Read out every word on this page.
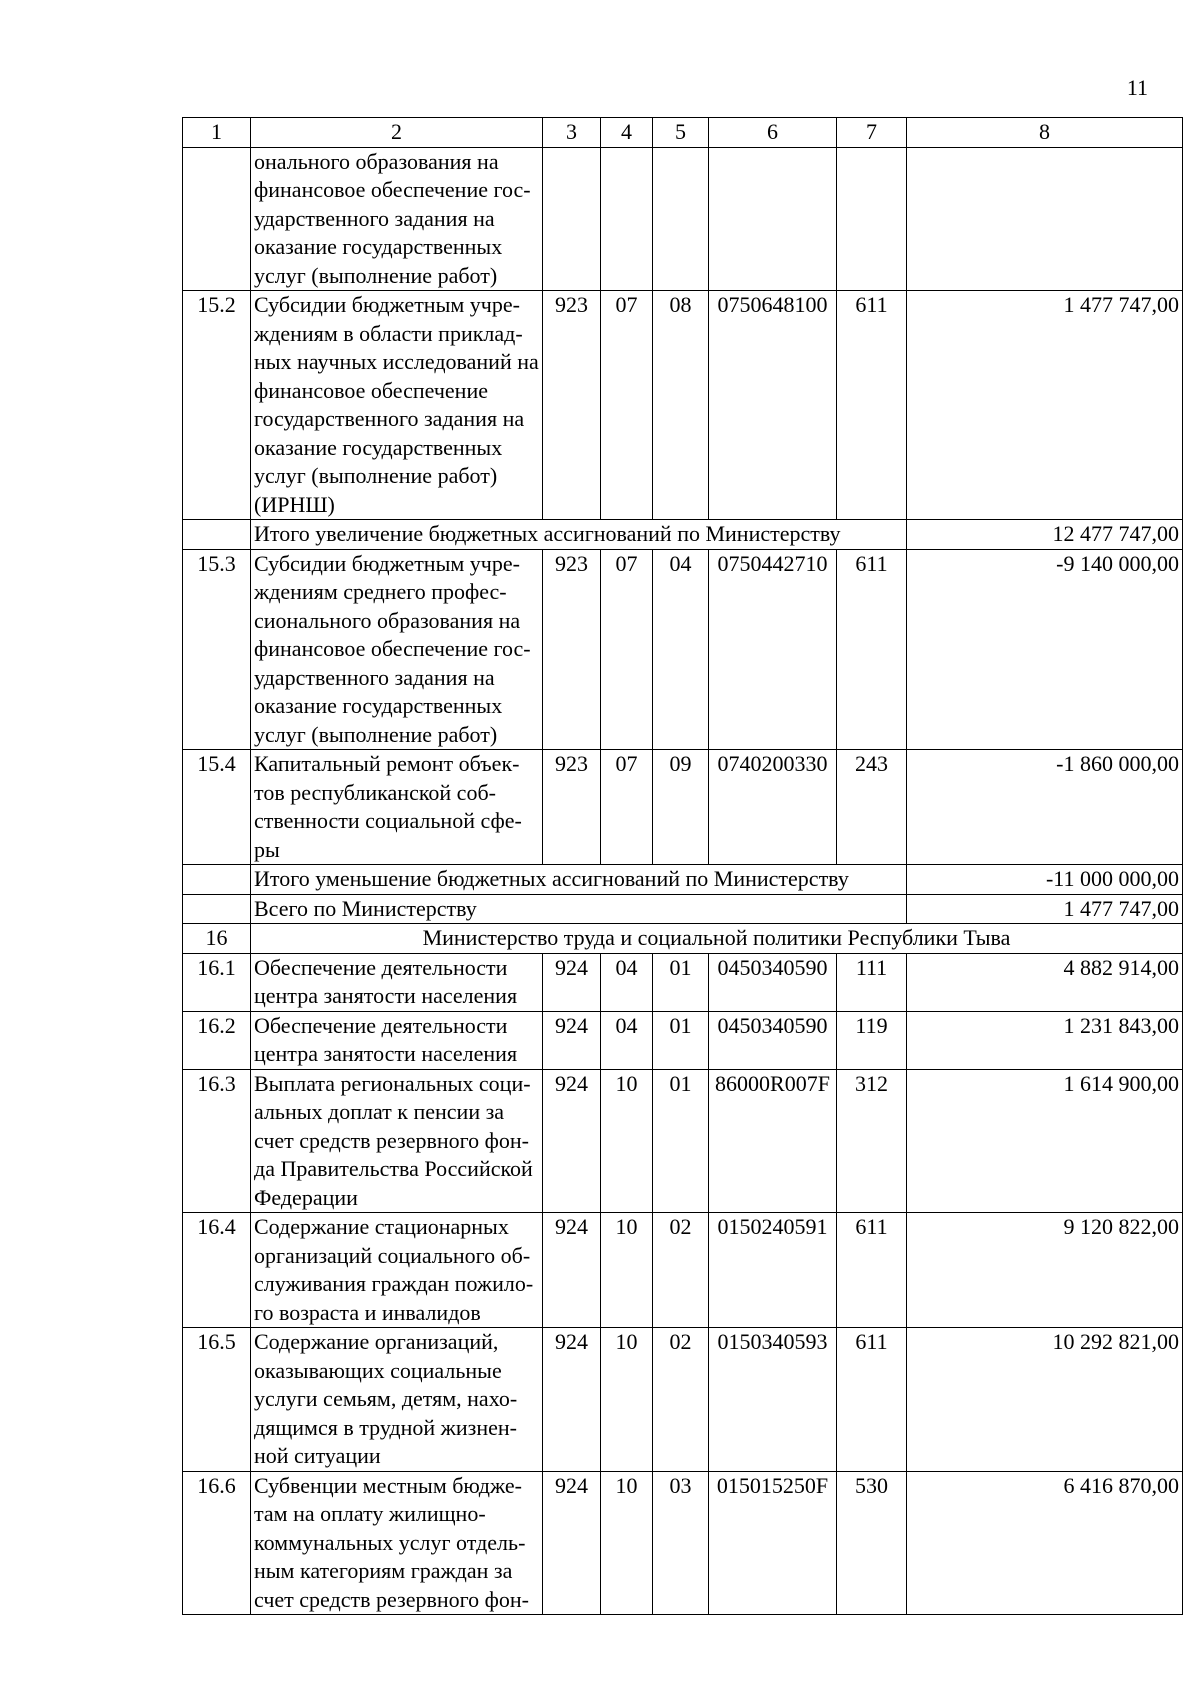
11
1	2	3	4	5	6	7	8
	онального образования на финансовое обеспечение гос-ударственного задания на оказание государственных услуг (выполнение работ)						
15.2	Субсидии бюджетным учре-ждениям в области приклад-ных научных исследований на финансовое обеспечение государственного задания на оказание государственных услуг (выполнение работ) (ИРНШ)	923	07	08	0750648100	611	1 477 747,00
	Итого увеличение бюджетных ассигнований по Министерству						12 477 747,00
15.3	Субсидии бюджетным учре-ждениям среднего профес-сионального образования на финансовое обеспечение гос-ударственного задания на оказание государственных услуг (выполнение работ)	923	07	04	0750442710	611	-9 140 000,00
15.4	Капитальный ремонт объек-тов республиканской соб-ственности социальной сфе-ры	923	07	09	0740200330	243	-1 860 000,00
	Итого уменьшение бюджетных ассигнований по Министерству						-11 000 000,00
	Всего по Министерству						1 477 747,00
16	Министерство труда и социальной политики Республики Тыва						
16.1	Обеспечение деятельности центра занятости населения	924	04	01	0450340590	111	4 882 914,00
16.2	Обеспечение деятельности центра занятости населения	924	04	01	0450340590	119	1 231 843,00
16.3	Выплата региональных соци-альных доплат к пенсии за счет средств резервного фон-да Правительства Российской Федерации	924	10	01	86000R007F	312	1 614 900,00
16.4	Содержание стационарных организаций социального об-служивания граждан пожило-го возраста и инвалидов	924	10	02	0150240591	611	9 120 822,00
16.5	Содержание организаций, оказывающих социальные услуги семьям, детям, нахо-дящимся в трудной жизнен-ной ситуации	924	10	02	0150340593	611	10 292 821,00
16.6	Субвенции местным бюдже-там на оплату жилищно-коммунальных услуг отдель-ным категориям граждан за счет средств резервного фон-	924	10	03	015015250F	530	6 416 870,00
